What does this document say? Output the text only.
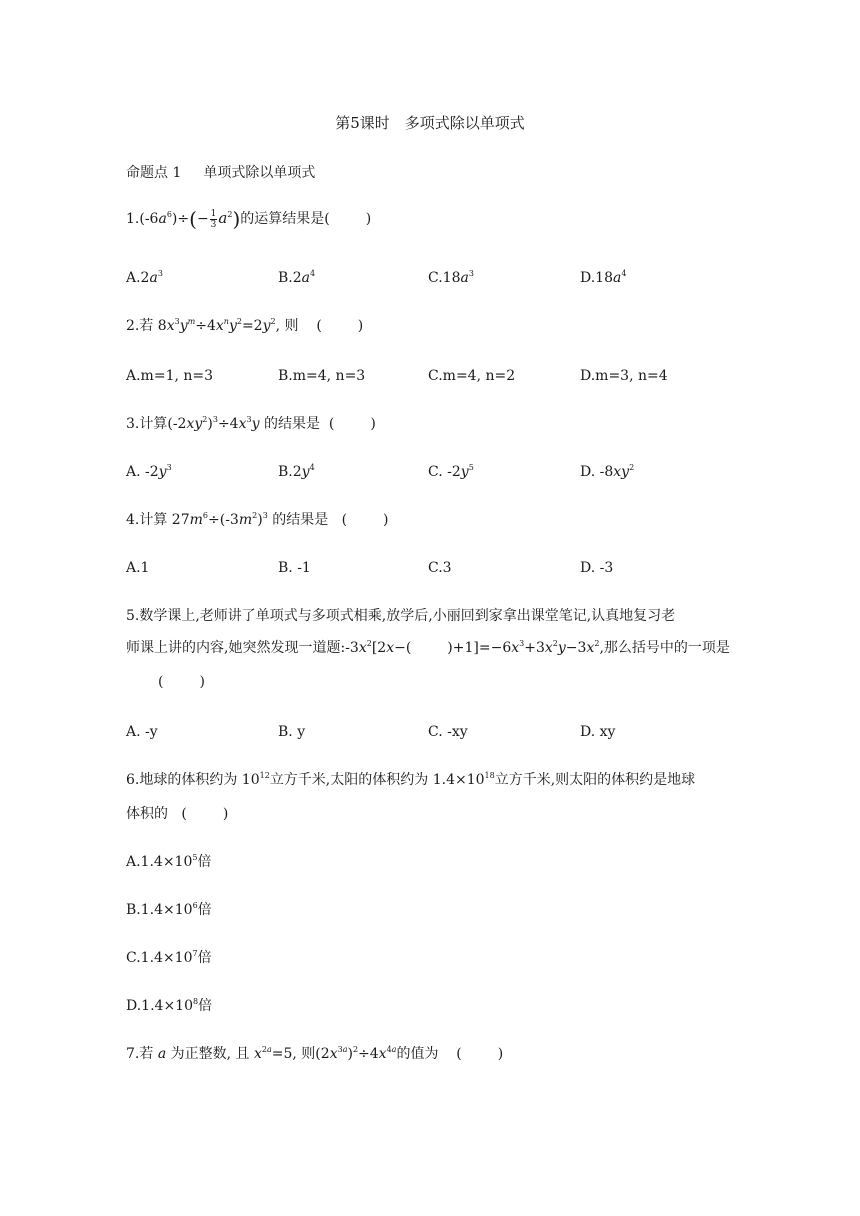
第5课时　多项式除以单项式
命题点 1 单项式除以单项式
$1.(-6a^6)\div(- \frac{1}{3} a^2)$的运算结果是(	)
$A.2a^3$	$B.2a^4$	$C.18a^3$	$D.18a^4$
2.若 $8x^3y^m\div 4x^ny^2=2y^2$, 则    (	)
A.m=1, n=3	B.m=4, n=3	C.m=4, n=2	D.m=3, n=4
3.计算$(-2xy^2)^3\div 4x^3y$ 的结果是  (	)
A. $-2y^3$	$B.2y^4$	C. $-2y^5$	D. $-8xy^2$
4.计算 $27m^6\div(-3m^2)^3$ 的结果是   (	)
A.1	B. -1	C.3	D. -3
5.数学课上,老师讲了单项式与多项式相乘,放学后,小丽回到家拿出课堂笔记,认真地复习老
师课上讲的内容,她突然发现一道题$:-3x^2[2x-$(	)$+1]=-6x^3+3x^2y-3x^2$,那么括号中的一项是
(	)
A. -y	B. y	C. -xy	D. xy
6.地球的体积约为 $10^{12}$立方千米,太阳的体积约为 $1.4\times 10^{18}$立方千米,则太阳的体积约是地球
体积的   (	)
$A.1.4\times 10^5$倍
$B.1.4\times 10^6$倍
$C.1.4\times 10^7$倍
$D.1.4\times 10^8$倍
7.若 a 为正整数, 且 $x^{2a}=5$, 则$(2x^{3a})^2\div 4x^{4a}$的值为    (	)
